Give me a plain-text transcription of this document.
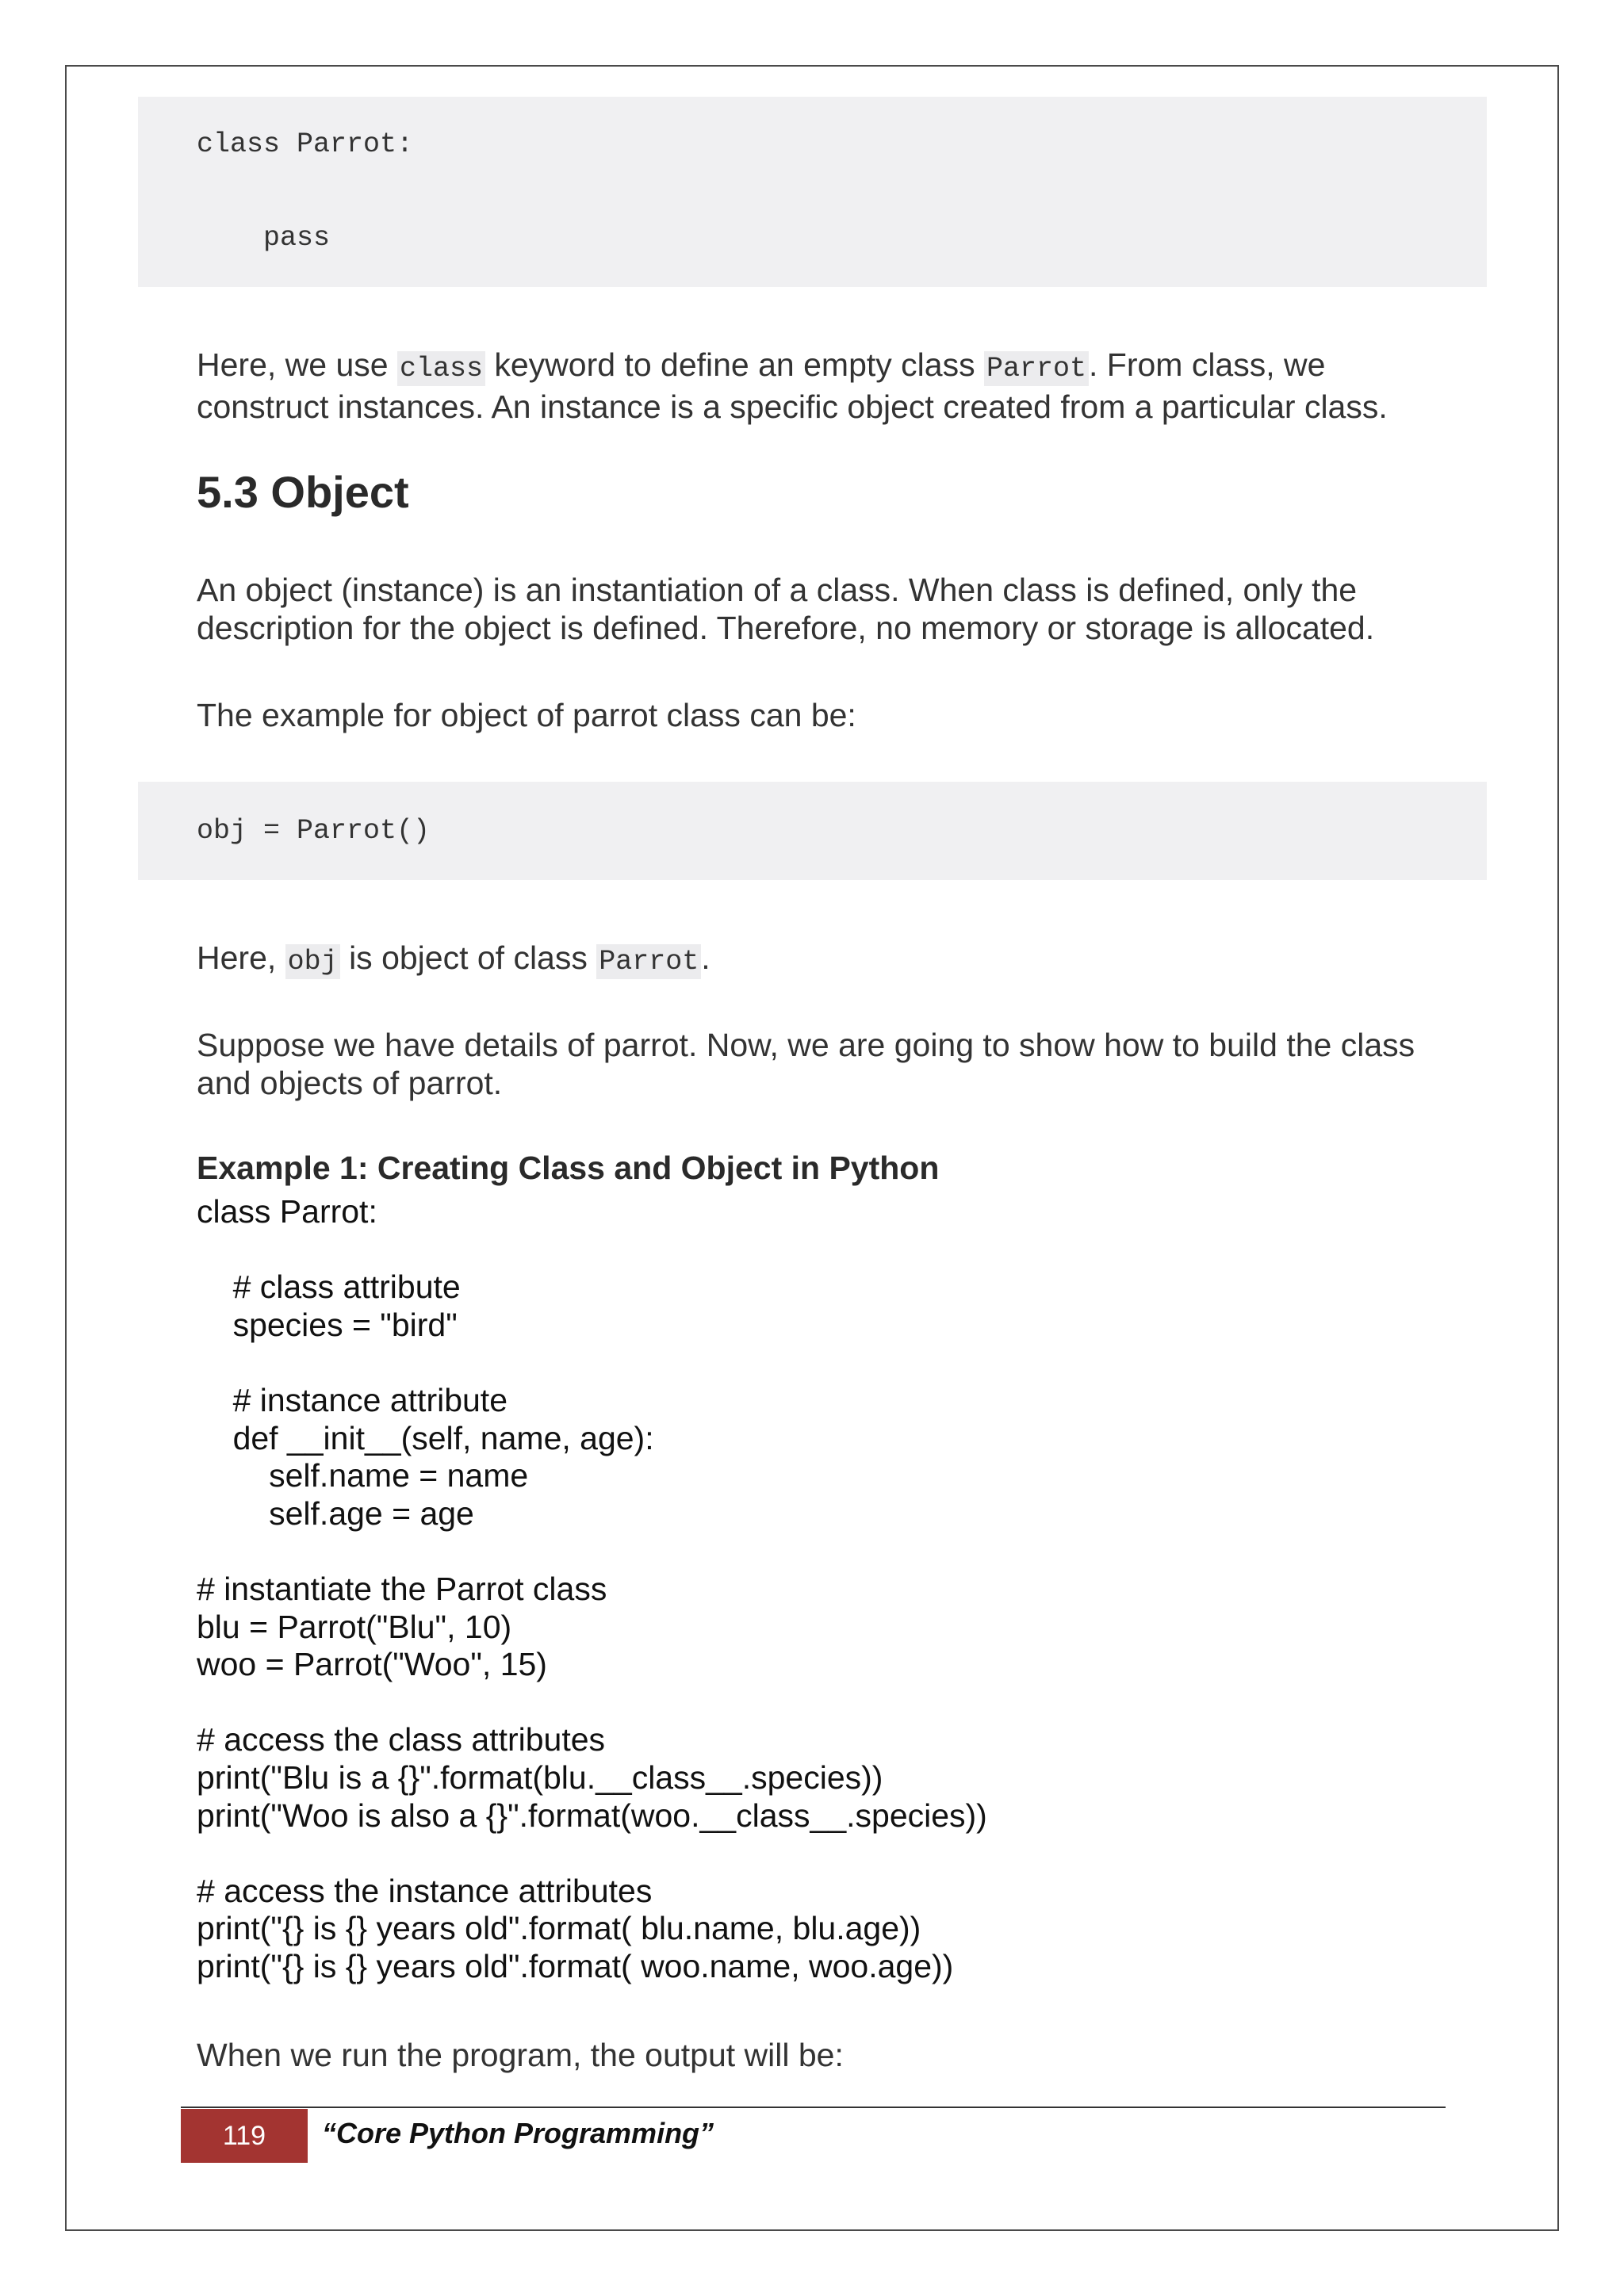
class Parrot:
pass
Here, we use class keyword to define an empty class Parrot. From class, we construct instances. An instance is a specific object created from a particular class.
5.3 Object
An object (instance) is an instantiation of a class. When class is defined, only the description for the object is defined. Therefore, no memory or storage is allocated.
The example for object of parrot class can be:
obj = Parrot()
Here, obj is object of class Parrot.
Suppose we have details of parrot. Now, we are going to show how to build the class and objects of parrot.
Example 1: Creating Class and Object in Python
class Parrot:
# class attribute
species = "bird"
# instance attribute
def __init__(self, name, age):
self.name = name
self.age = age
# instantiate the Parrot class
blu = Parrot("Blu", 10)
woo = Parrot("Woo", 15)
# access the class attributes
print("Blu is a {}".format(blu.__class__.species))
print("Woo is also a {}".format(woo.__class__.species))
# access the instance attributes
print("{} is {} years old".format( blu.name, blu.age))
print("{} is {} years old".format( woo.name, woo.age))
When we run the program, the output will be:
119 “Core Python Programming”
